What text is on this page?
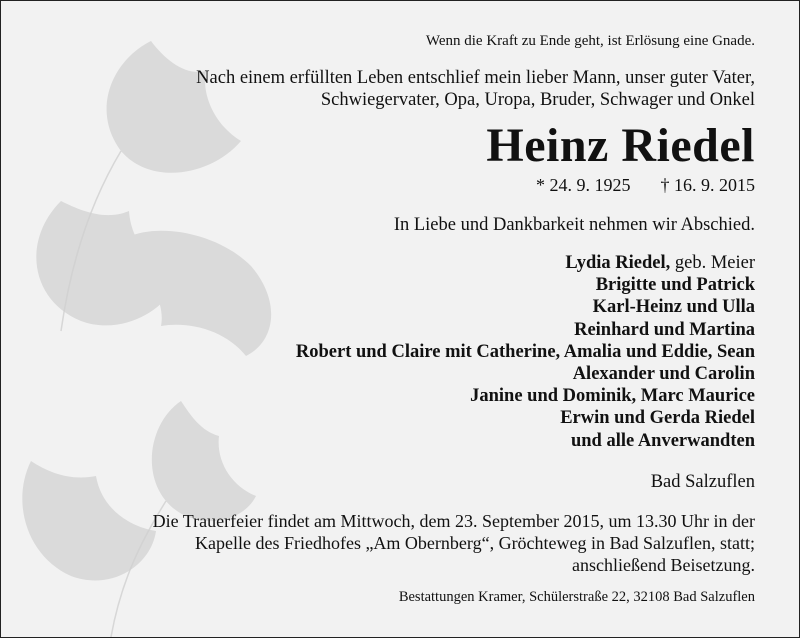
Wenn die Kraft zu Ende geht, ist Erlösung eine Gnade.
Nach einem erfüllten Leben entschlief mein lieber Mann, unser guter Vater,
Schwiegervater, Opa, Uropa, Bruder, Schwager und Onkel
Heinz Riedel
* 24. 9. 1925 † 16. 9. 2015
In Liebe und Dankbarkeit nehmen wir Abschied.
Lydia Riedel, geb. Meier
Brigitte und Patrick
Karl-Heinz und Ulla
Reinhard und Martina
Robert und Claire mit Catherine, Amalia und Eddie, Sean
Alexander und Carolin
Janine und Dominik, Marc Maurice
Erwin und Gerda Riedel
und alle Anverwandten
Bad Salzuflen
Die Trauerfeier findet am Mittwoch, dem 23. September 2015, um 13.30 Uhr in der
Kapelle des Friedhofes „Am Obernberg“, Gröchteweg in Bad Salzuflen, statt;
anschließend Beisetzung.
Bestattungen Kramer, Schülerstraße 22, 32108 Bad Salzuflen
